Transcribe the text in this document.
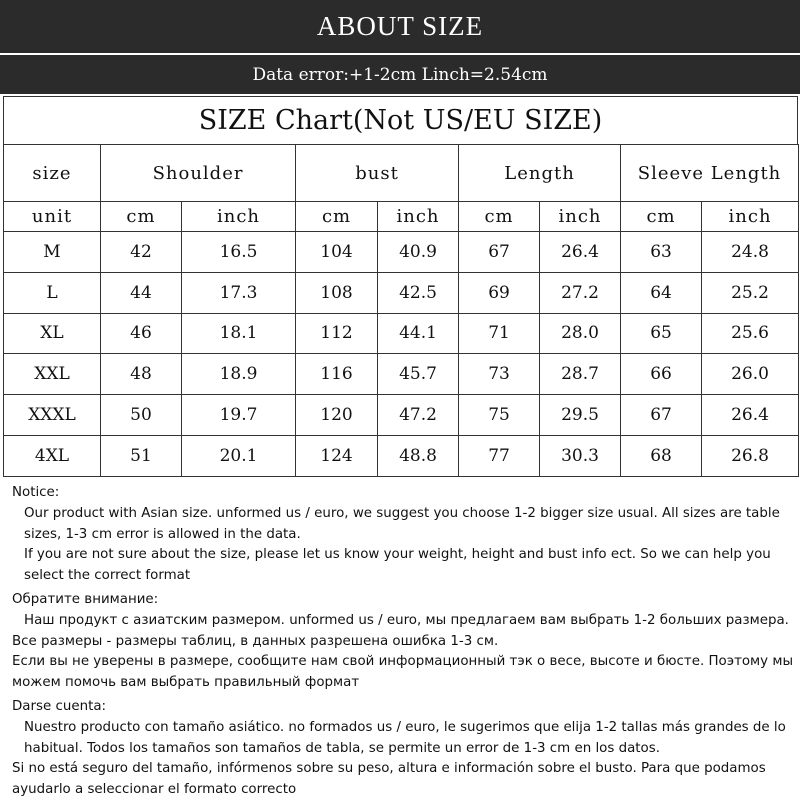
ABOUT SIZE
Data error:+1-2cm Linch=2.54cm
SIZE Chart(Not US/EU SIZE)
size	Shoulder		bust		Length		Sleeve Length	
unit	cm	inch	cm	inch	cm	inch	cm	inch
M	42	16.5	104	40.9	67	26.4	63	24.8
L	44	17.3	108	42.5	69	27.2	64	25.2
XL	46	18.1	112	44.1	71	28.0	65	25.6
XXL	48	18.9	116	45.7	73	28.7	66	26.0
XXXL	50	19.7	120	47.2	75	29.5	67	26.4
4XL	51	20.1	124	48.8	77	30.3	68	26.8

Notice:

Our product with Asian size. unformed us / euro, we suggest you choose 1-2 bigger size usual. All sizes are table sizes, 1-3 cm error is allowed in the data.

If you are not sure about the size, please let us know your weight, height and bust info ect. So we can help you select the correct format

Обратите внимание:

Наш продукт с азиатским размером. unformed us / euro, мы предлагаем вам выбрать 1-2 больших размера.

Все размеры - размеры таблиц, в данных разрешена ошибка 1-3 см.

Если вы не уверены в размере, сообщите нам свой информационный тэк о весе, высоте и бюсте. Поэтому мы можем помочь вам выбрать правильный формат

Darse cuenta:

Nuestro producto con tamaño asiático. no formados us / euro, le sugerimos que elija 1-2 tallas más grandes de lo habitual. Todos los tamaños son tamaños de tabla, se permite un error de 1-3 cm en los datos.

Si no está seguro del tamaño, infórmenos sobre su peso, altura e información sobre el busto. Para que podamos ayudarlo a seleccionar el formato correcto
